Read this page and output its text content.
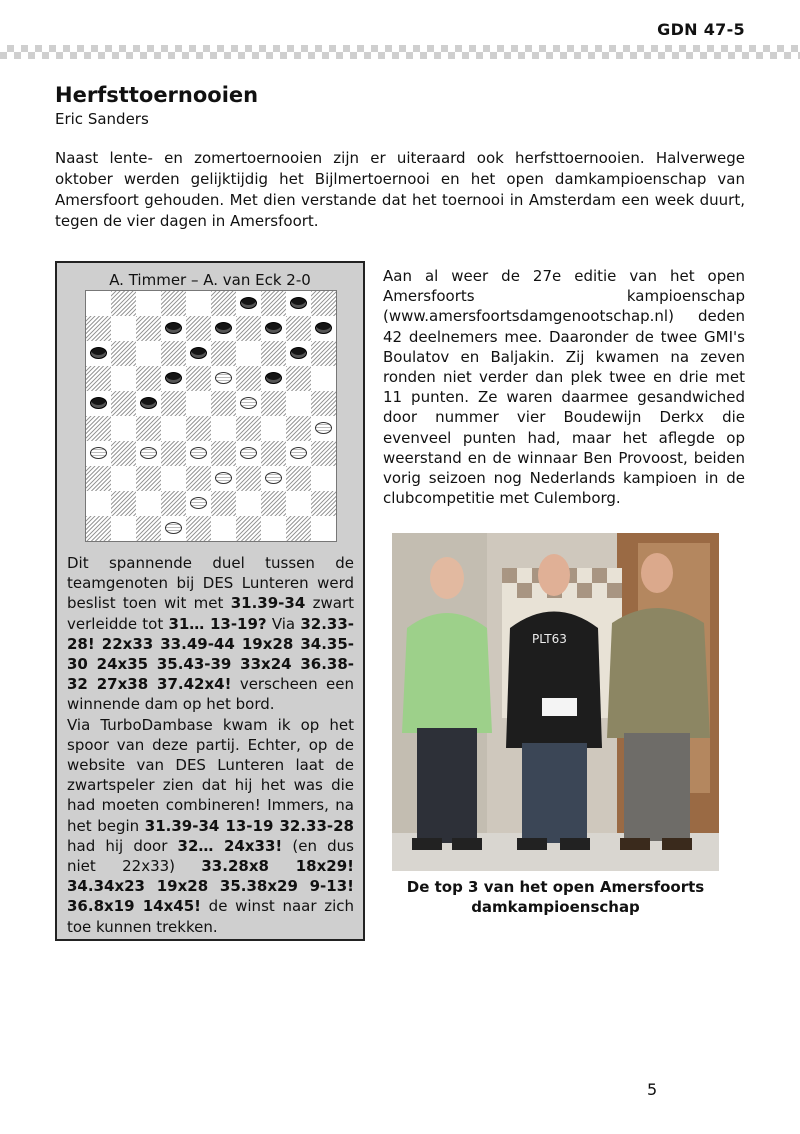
GDN 47-5
Herfsttoernooien
Eric Sanders

Naast lente- en zomertoernooien zijn er uiteraard ook herfsttoernooien. Halverwege oktober werden gelijktijdig het Bijlmertoernooi en het open damkampioenschap van Amersfoort gehouden. Met dien verstande dat het toernooi in Amsterdam een week duurt, tegen de vier dagen in Amersfoort.

A. Timmer – A. van Eck 2-0

Dit spannende duel tussen de teamgenoten bij DES Lunteren werd beslist toen wit met 31.39-34 zwart verleidde tot 31… 13-19? Via 32.33-28! 22x33 33.49-44 19x28 34.35-30 24x35 35.43-39 33x24 36.38-32 27x38 37.42x4! verscheen een winnende dam op het bord.

Via TurboDambase kwam ik op het spoor van deze partij. Echter, op de website van DES Lunteren laat de zwartspeler zien dat hij het was die had moeten combineren! Immers, na het begin 31.39-34 13-19 32.33-28 had hij door 32… 24x33! (en dus niet 22x33) 33.28x8 18x29! 34.34x23 19x28 35.38x29 9-13! 36.8x19 14x45! de winst naar zich toe kunnen trekken.

Aan al weer de 27e editie van het open Amersfoorts kampioenschap (www.amersfoortsdamgenootschap.nl) deden 42 deelnemers mee. Daaronder de twee GMI's Boulatov en Baljakin. Zij kwamen na zeven ronden niet verder dan plek twee en drie met 11 punten. Ze waren daarmee gesandwiched door nummer vier Boudewijn Derkx die evenveel punten had, maar het aflegde op weerstand en de winnaar Ben Provoost, beiden vorig seizoen nog Nederlands kampioen in de clubcompetitie met Culemborg.

PLT63
De top 3 van het open Amersfoorts
damkampioenschap
5
